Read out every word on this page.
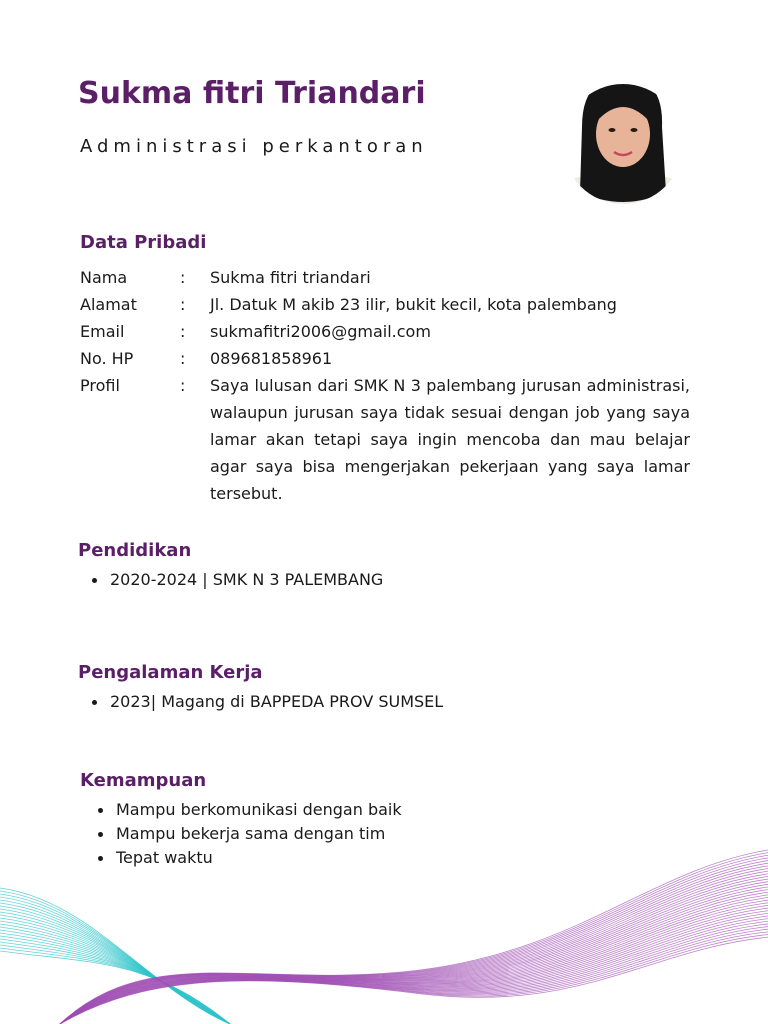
Sukma fitri Triandari

Administrasi perkantoran

Data Pribadi
Nama	:	Sukma fitri triandari
Alamat	:	Jl. Datuk M akib 23 ilir, bukit kecil, kota palembang
Email	:	sukmafitri2006@gmail.com
No. HP	:	089681858961
Profil	:	Saya lulusan dari SMK N 3 palembang jurusan administrasi, walaupun jurusan saya tidak sesuai dengan job yang saya lamar akan tetapi saya ingin mencoba dan mau belajar agar saya bisa mengerjakan pekerjaan yang saya lamar tersebut.
Pendidikan
2020-2024 | SMK N 3 PALEMBANG
Pengalaman Kerja
2023| Magang di BAPPEDA PROV SUMSEL
Kemampuan
Mampu berkomunikasi dengan baik
Mampu bekerja sama dengan tim
Tepat waktu
